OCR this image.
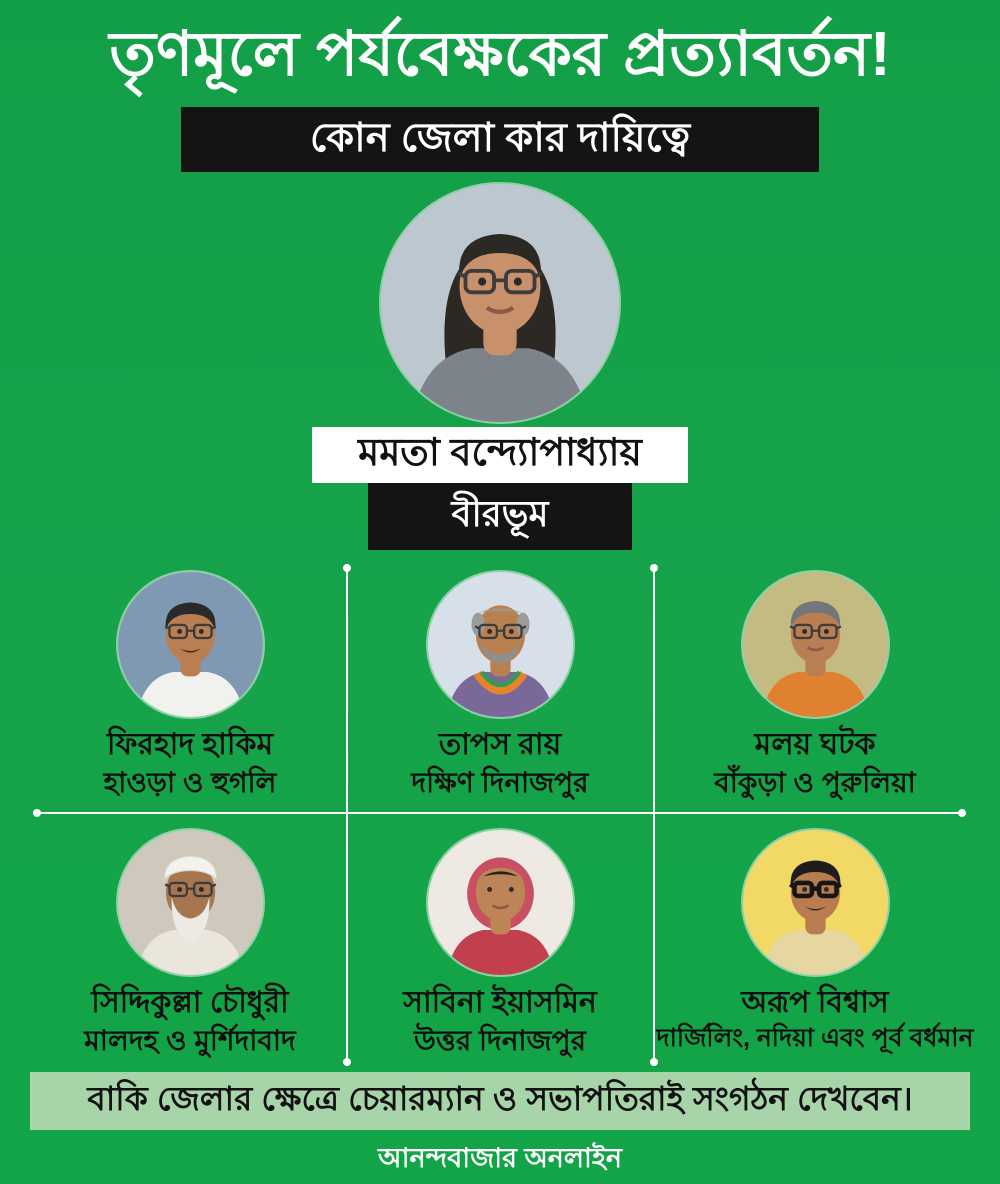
তৃণমূলে পর্যবেক্ষকের প্রত্যাবর্তন!
কোন জেলা কার দায়িত্বে
মমতা বন্দ্যোপাধ্যায়
বীরভূম
ফিরহাদ হাকিম
হাওড়া ও হুগলি
তাপস রায়
দক্ষিণ দিনাজপুর
মলয় ঘটক
বাঁকুড়া ও পুরুলিয়া
সিদ্দিকুল্লা চৌধুরী
মালদহ ও মুর্শিদাবাদ
সাবিনা ইয়াসমিন
উত্তর দিনাজপুর
অরূপ বিশ্বাস
দার্জিলিং, নদিয়া এবং পূর্ব বর্ধমান
বাকি জেলার ক্ষেত্রে চেয়ারম্যান ও সভাপতিরাই সংগঠন দেখবেন।
আনন্দবাজার অনলাইন
